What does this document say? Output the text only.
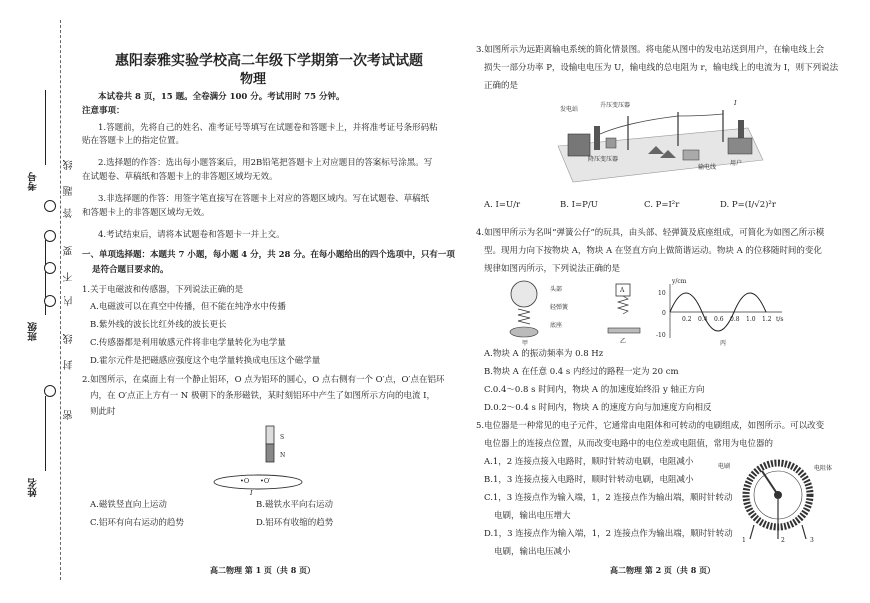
考号
班级
姓名
线
题
答
要
不
内
线
封
密
惠阳泰雅实验学校高二年级下学期第一次考试试题
物理
本试卷共 8 页，15 题。全卷满分 100 分。考试用时 75 分钟。
注意事项：
1.答题前，先将自己的姓名、准考证号等填写在试题卷和答题卡上，并将准考证号条形码粘
贴在答题卡上的指定位置。
2.选择题的作答：选出每小题答案后，用2B铅笔把答题卡上对应题目的答案标号涂黑。写
在试题卷、草稿纸和答题卡上的非答题区域均无效。
3.非选择题的作答：用签字笔直接写在答题卡上对应的答题区域内。写在试题卷、草稿纸
和答题卡上的非答题区域均无效。
4.考试结束后，请将本试题卷和答题卡一并上交。
一、单项选择题：本题共 7 小题，每小题 4 分，共 28 分。在每小题给出的四个选项中，只有一项
是符合题目要求的。
1.关于电磁波和传感器，下列说法正确的是
A.电磁波可以在真空中传播，但不能在纯净水中传播
B.紫外线的波长比红外线的波长更长
C.传感器都是利用敏感元件将非电学量转化为电学量
D.霍尔元件是把磁感应强度这个电学量转换成电压这个磁学量
2.如图所示，在桌面上有一个静止铝环，O 点为铝环的圆心，O 点右侧有一个 O′点，O′点在铝环
内，在 O′点正上方有一 N 极朝下的条形磁铁，某时刻铝环中产生了如图所示方向的电流 I，
则此时
S
N
•O •O′
I
A.磁铁竖直向上运动	B.磁铁水平向右运动
C.铝环有向右运动的趋势	D.铝环有收缩的趋势
高二物理 第 1 页（共 8 页）
3.如图所示为远距离输电系统的简化情景图。将电能从图中的发电站送到用户，在输电线上会
损失一部分功率 P，设输电电压为 U，输电线的总电阻为 r，输电线上的电流为 I，则下列说法
正确的是
发电站
升压变压器
降压变压器
用户
输电线
I
A. I=U/r	B. I=P/U	C. P=I²r	D. P=(I/√2)²r
4.如图甲所示为名叫“弹簧公仔”的玩具，由头部、轻弹簧及底座组成，可简化为如图乙所示模
型。现用力向下按物块 A，物块 A 在竖直方向上做简谐运动。物块 A 的位移随时间的变化
规律如图丙所示，下列说法正确的是
头部
轻弹簧
底座
甲
A
乙
y/cm
10
0
-10
0.2 0.4 0.6 0.8 1.0 1.2 t/s
丙
A.物块 A 的振动频率为 0.8 Hz
B.物块 A 在任意 0.4 s 内经过的路程一定为 20 cm
C.0.4～0.8 s 时间内，物块 A 的加速度始终沿 y 轴正方向
D.0.2～0.4 s 时间内，物块 A 的速度方向与加速度方向相反
5.电位器是一种常见的电子元件，它通常由电阻体和可转动的电刷组成，如图所示。可以改变
电位器上的连接点位置，从而改变电路中的电位差或电阻值，常用为电位器的
A.1，2 连接点接入电路时，顺时针转动电刷，电阻减小
B.1，3 连接点接入电路时，顺时针转动电刷，电阻减小
C.1，3 连接点作为输入端，1，2 连接点作为输出端，顺时针转动
电刷，输出电压增大
D.1，3 连接点作为输入端，1，2 连接点作为输出端，顺时针转动
电刷，输出电压减小
电刷	电阻体
1	2	3
高二物理 第 2 页（共 8 页）
